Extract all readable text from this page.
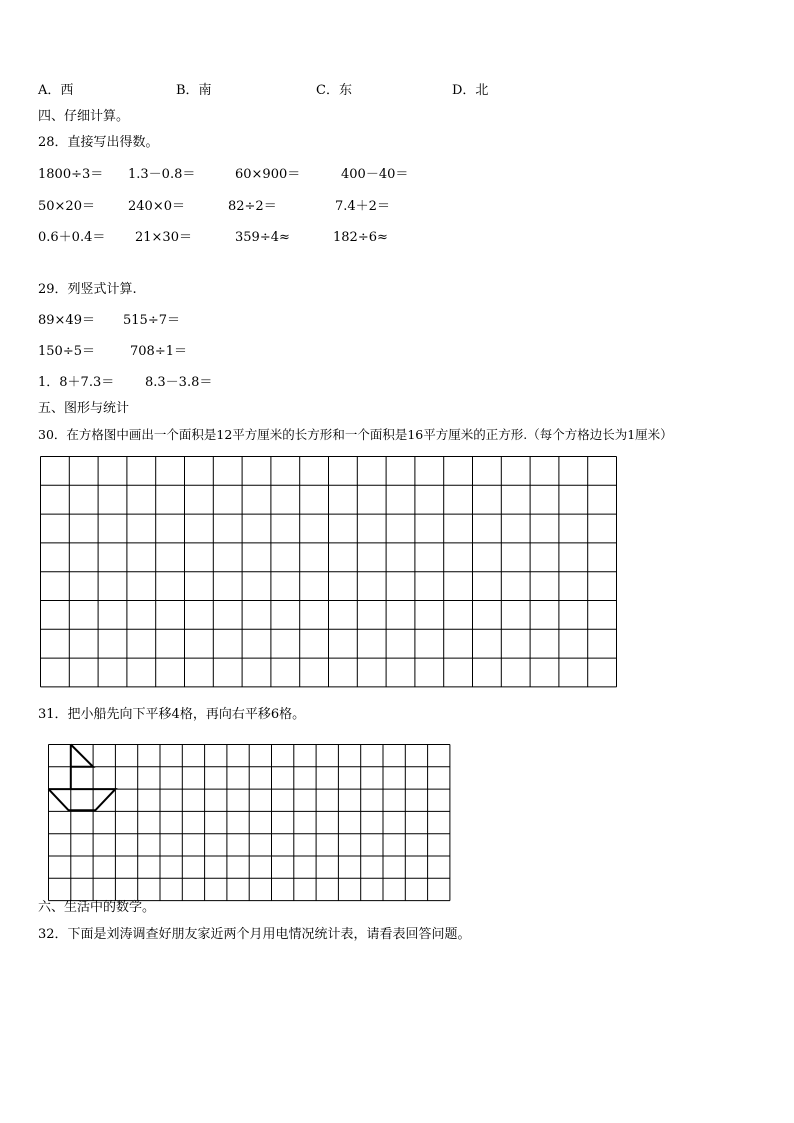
A．西	B．南	C．东	D．北
四、仔细计算。
28．直接写出得数。
1800÷3＝ 1.3－0.8＝	60×900＝	400－40＝
50×20＝	240×0＝	82÷2＝	7.4＋2＝
0.6＋0.4＝ 21×30＝	359÷4≈	182÷6≈
29．列竖式计算.
89×49＝ 515÷7＝
150÷5＝	708÷1＝
1．8＋7.3＝ 8.3－3.8＝
五、图形与统计
30．在方格图中画出一个面积是12平方厘米的长方形和一个面积是16平方厘米的正方形.（每个方格边长为1厘米）
31．把小船先向下平移4格，再向右平移6格。
六、生活中的数学。
32．下面是刘涛调查好朋友家近两个月用电情况统计表，请看表回答问题。
